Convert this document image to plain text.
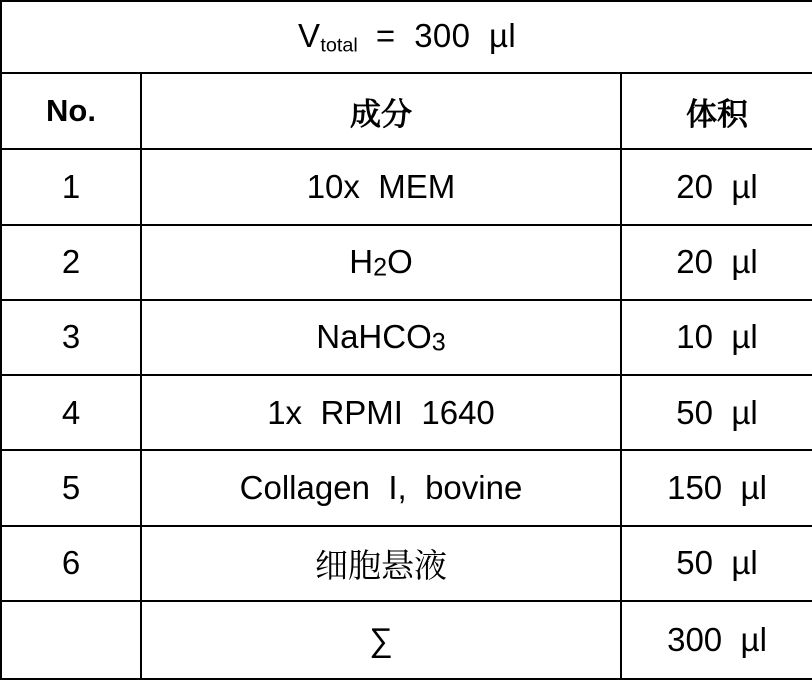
$V_{total} = 300$ µl		
No.	成分	体积
1	10x MEM	20 µl
2	$H_2O$	20 µl
3	NaHCO$_3$	10 µl
4	1x RPMI 1640	50 µl
5	Collagen I, bovine	150 µl
6	细胞悬液	50 µl
	∑	300 µl
